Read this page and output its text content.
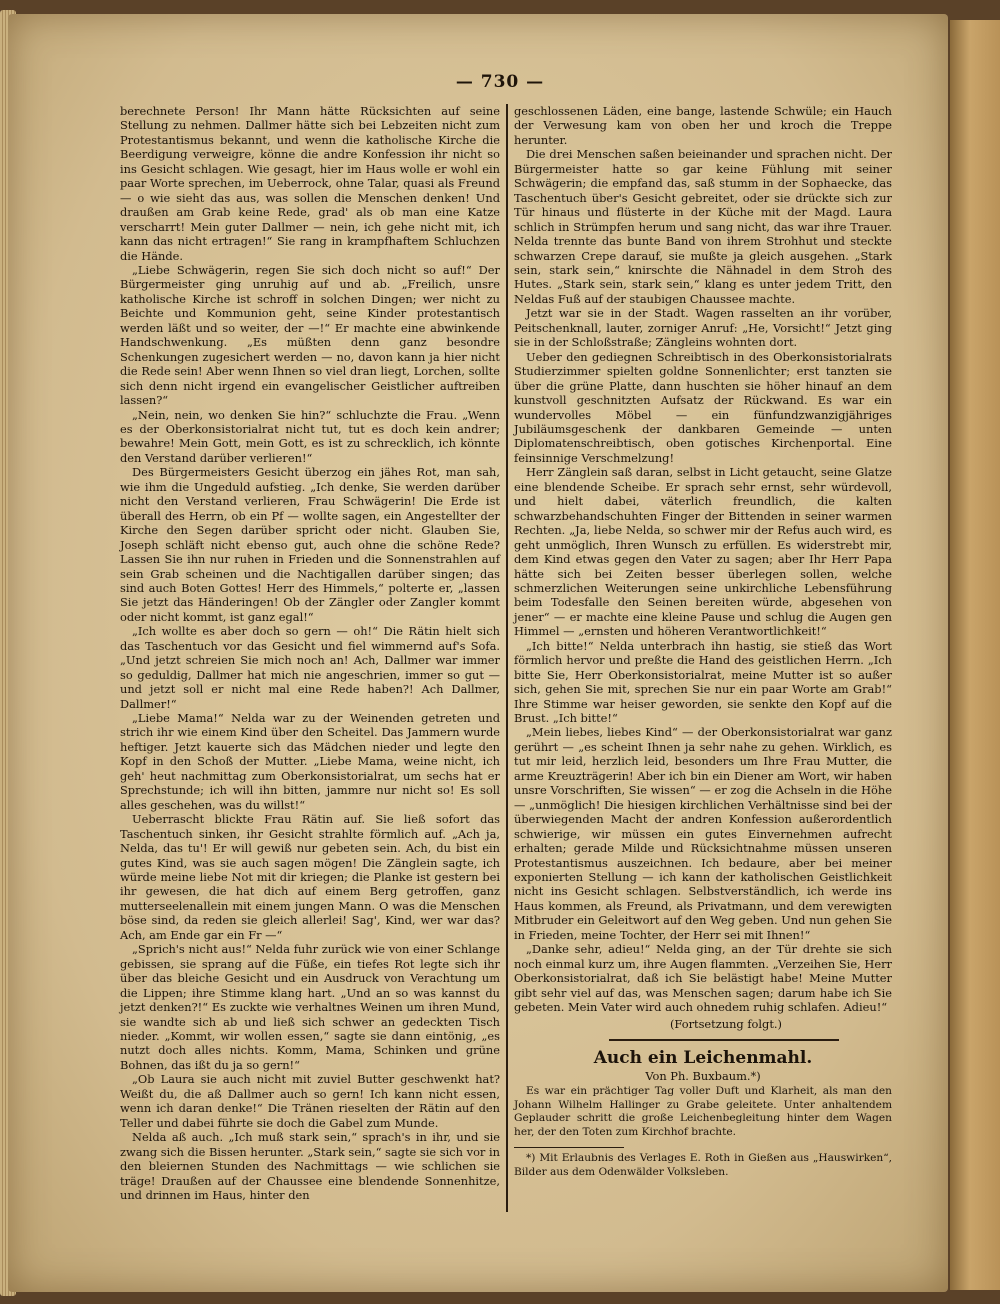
— 730 —

berechnete Person! Ihr Mann hätte Rücksichten auf seine Stellung zu nehmen. Dallmer hätte sich bei Lebzeiten nicht zum Protestantismus bekannt, und wenn die katholische Kirche die Beerdigung verweigre, könne die andre Konfession ihr nicht so ins Gesicht schlagen. Wie gesagt, hier im Haus wolle er wohl ein paar Worte sprechen, im Ueberrock, ohne Talar, quasi als Freund — o wie sieht das aus, was sollen die Menschen denken! Und draußen am Grab keine Rede, grad' als ob man eine Katze verscharrt! Mein guter Dallmer — nein, ich gehe nicht mit, ich kann das nicht ertragen!“ Sie rang in krampfhaftem Schluchzen die Hände.

„Liebe Schwägerin, regen Sie sich doch nicht so auf!“ Der Bürgermeister ging unruhig auf und ab. „Freilich, unsre katholische Kirche ist schroff in solchen Dingen; wer nicht zu Beichte und Kommunion geht, seine Kinder protestantisch werden läßt und so weiter, der —!“ Er machte eine abwinkende Handschwenkung. „Es müßten denn ganz besondre Schenkungen zugesichert werden — no, davon kann ja hier nicht die Rede sein! Aber wenn Ihnen so viel dran liegt, Lorchen, sollte sich denn nicht irgend ein evangelischer Geistlicher auftreiben lassen?“

„Nein, nein, wo denken Sie hin?“ schluchzte die Frau. „Wenn es der Oberkonsistorialrat nicht tut, tut es doch kein andrer; bewahre! Mein Gott, mein Gott, es ist zu schrecklich, ich könnte den Verstand darüber verlieren!“

Des Bürgermeisters Gesicht überzog ein jähes Rot, man sah, wie ihm die Ungeduld aufstieg. „Ich denke, Sie werden darüber nicht den Verstand verlieren, Frau Schwägerin! Die Erde ist überall des Herrn, ob ein Pf — wollte sagen, ein Angestellter der Kirche den Segen darüber spricht oder nicht. Glauben Sie, Joseph schläft nicht ebenso gut, auch ohne die schöne Rede? Lassen Sie ihn nur ruhen in Frieden und die Sonnenstrahlen auf sein Grab scheinen und die Nachtigallen darüber singen; das sind auch Boten Gottes! Herr des Himmels,“ polterte er, „lassen Sie jetzt das Händeringen! Ob der Zängler oder Zangler kommt oder nicht kommt, ist ganz egal!“

„Ich wollte es aber doch so gern — oh!“ Die Rätin hielt sich das Taschentuch vor das Gesicht und fiel wimmernd auf's Sofa. „Und jetzt schreien Sie mich noch an! Ach, Dallmer war immer so geduldig, Dallmer hat mich nie angeschrien, immer so gut — und jetzt soll er nicht mal eine Rede haben?! Ach Dallmer, Dallmer!“

„Liebe Mama!“ Nelda war zu der Weinenden getreten und strich ihr wie einem Kind über den Scheitel. Das Jammern wurde heftiger. Jetzt kauerte sich das Mädchen nieder und legte den Kopf in den Schoß der Mutter. „Liebe Mama, weine nicht, ich geh' heut nachmittag zum Oberkonsistorialrat, um sechs hat er Sprechstunde; ich will ihn bitten, jammre nur nicht so! Es soll alles geschehen, was du willst!“

Ueberrascht blickte Frau Rätin auf. Sie ließ sofort das Taschentuch sinken, ihr Gesicht strahlte förmlich auf. „Ach ja, Nelda, das tu'! Er will gewiß nur gebeten sein. Ach, du bist ein gutes Kind, was sie auch sagen mögen! Die Zänglein sagte, ich würde meine liebe Not mit dir kriegen; die Planke ist gestern bei ihr gewesen, die hat dich auf einem Berg getroffen, ganz mutterseelenallein mit einem jungen Mann. O was die Menschen böse sind, da reden sie gleich allerlei! Sag', Kind, wer war das? Ach, am Ende gar ein Fr —“

„Sprich's nicht aus!“ Nelda fuhr zurück wie von einer Schlange gebissen, sie sprang auf die Füße, ein tiefes Rot legte sich ihr über das bleiche Gesicht und ein Ausdruck von Verachtung um die Lippen; ihre Stimme klang hart. „Und an so was kannst du jetzt denken?!“ Es zuckte wie verhaltnes Weinen um ihren Mund, sie wandte sich ab und ließ sich schwer an gedeckten Tisch nieder. „Kommt, wir wollen essen,“ sagte sie dann eintönig, „es nutzt doch alles nichts. Komm, Mama, Schinken und grüne Bohnen, das ißt du ja so gern!“

„Ob Laura sie auch nicht mit zuviel Butter geschwenkt hat? Weißt du, die aß Dallmer auch so gern! Ich kann nicht essen, wenn ich daran denke!“ Die Tränen rieselten der Rätin auf den Teller und dabei führte sie doch die Gabel zum Munde.

Nelda aß auch. „Ich muß stark sein,“ sprach's in ihr, und sie zwang sich die Bissen herunter. „Stark sein,“ sagte sie sich vor in den bleiernen Stunden des Nachmittags — wie schlichen sie träge! Draußen auf der Chaussee eine blendende Sonnenhitze, und drinnen im Haus, hinter den

geschlossenen Läden, eine bange, lastende Schwüle; ein Hauch der Verwesung kam von oben her und kroch die Treppe herunter.

Die drei Menschen saßen beieinander und sprachen nicht. Der Bürgermeister hatte so gar keine Fühlung mit seiner Schwägerin; die empfand das, saß stumm in der Sophaecke, das Taschentuch über's Gesicht gebreitet, oder sie drückte sich zur Tür hinaus und flüsterte in der Küche mit der Magd. Laura schlich in Strümpfen herum und sang nicht, das war ihre Trauer. Nelda trennte das bunte Band von ihrem Strohhut und steckte schwarzen Crepe darauf, sie mußte ja gleich ausgehen. „Stark sein, stark sein,“ knirschte die Nähnadel in dem Stroh des Hutes. „Stark sein, stark sein,“ klang es unter jedem Tritt, den Neldas Fuß auf der staubigen Chaussee machte.

Jetzt war sie in der Stadt. Wagen rasselten an ihr vorüber, Peitschenknall, lauter, zorniger Anruf: „He, Vorsicht!“ Jetzt ging sie in der Schloßstraße; Zängleins wohnten dort.

Ueber den gediegnen Schreibtisch in des Oberkonsistorialrats Studierzimmer spielten goldne Sonnenlichter; erst tanzten sie über die grüne Platte, dann huschten sie höher hinauf an dem kunstvoll geschnitzten Aufsatz der Rückwand. Es war ein wundervolles Möbel — ein fünfundzwanzigjähriges Jubiläumsgeschenk der dankbaren Gemeinde — unten Diplomatenschreibtisch, oben gotisches Kirchenportal. Eine feinsinnige Verschmelzung!

Herr Zänglein saß daran, selbst in Licht getaucht, seine Glatze eine blendende Scheibe. Er sprach sehr ernst, sehr würdevoll, und hielt dabei, väterlich freundlich, die kalten schwarzbehandschuhten Finger der Bittenden in seiner warmen Rechten. „Ja, liebe Nelda, so schwer mir der Refus auch wird, es geht unmöglich, Ihren Wunsch zu erfüllen. Es widerstrebt mir, dem Kind etwas gegen den Vater zu sagen; aber Ihr Herr Papa hätte sich bei Zeiten besser überlegen sollen, welche schmerzlichen Weiterungen seine unkirchliche Lebensführung beim Todesfalle den Seinen bereiten würde, abgesehen von jener“ — er machte eine kleine Pause und schlug die Augen gen Himmel — „ernsten und höheren Verantwortlichkeit!“

„Ich bitte!“ Nelda unterbrach ihn hastig, sie stieß das Wort förmlich hervor und preßte die Hand des geistlichen Herrn. „Ich bitte Sie, Herr Oberkonsistorialrat, meine Mutter ist so außer sich, gehen Sie mit, sprechen Sie nur ein paar Worte am Grab!“ Ihre Stimme war heiser geworden, sie senkte den Kopf auf die Brust. „Ich bitte!“

„Mein liebes, liebes Kind“ — der Oberkonsistorialrat war ganz gerührt — „es scheint Ihnen ja sehr nahe zu gehen. Wirklich, es tut mir leid, herzlich leid, besonders um Ihre Frau Mutter, die arme Kreuzträgerin! Aber ich bin ein Diener am Wort, wir haben unsre Vorschriften, Sie wissen“ — er zog die Achseln in die Höhe — „unmöglich! Die hiesigen kirchlichen Verhältnisse sind bei der überwiegenden Macht der andren Konfession außerordentlich schwierige, wir müssen ein gutes Einvernehmen aufrecht erhalten; gerade Milde und Rücksichtnahme müssen unseren Protestantismus auszeichnen. Ich bedaure, aber bei meiner exponierten Stellung — ich kann der katholischen Geistlichkeit nicht ins Gesicht schlagen. Selbstverständlich, ich werde ins Haus kommen, als Freund, als Privatmann, und dem verewigten Mitbruder ein Geleitwort auf den Weg geben. Und nun gehen Sie in Frieden, meine Tochter, der Herr sei mit Ihnen!“

„Danke sehr, adieu!“ Nelda ging, an der Tür drehte sie sich noch einmal kurz um, ihre Augen flammten. „Verzeihen Sie, Herr Oberkonsistorialrat, daß ich Sie belästigt habe! Meine Mutter gibt sehr viel auf das, was Menschen sagen; darum habe ich Sie gebeten. Mein Vater wird auch ohnedem ruhig schlafen. Adieu!“

(Fortsetzung folgt.)

Auch ein Leichenmahl.

Von Ph. Buxbaum.*)

Es war ein prächtiger Tag voller Duft und Klarheit, als man den Johann Wilhelm Hallinger zu Grabe geleitete. Unter anhaltendem Geplauder schritt die große Leichenbegleitung hinter dem Wagen her, der den Toten zum Kirchhof brachte.

*) Mit Erlaubnis des Verlages E. Roth in Gießen aus „Hauswirken“, Bilder aus dem Odenwälder Volksleben.
